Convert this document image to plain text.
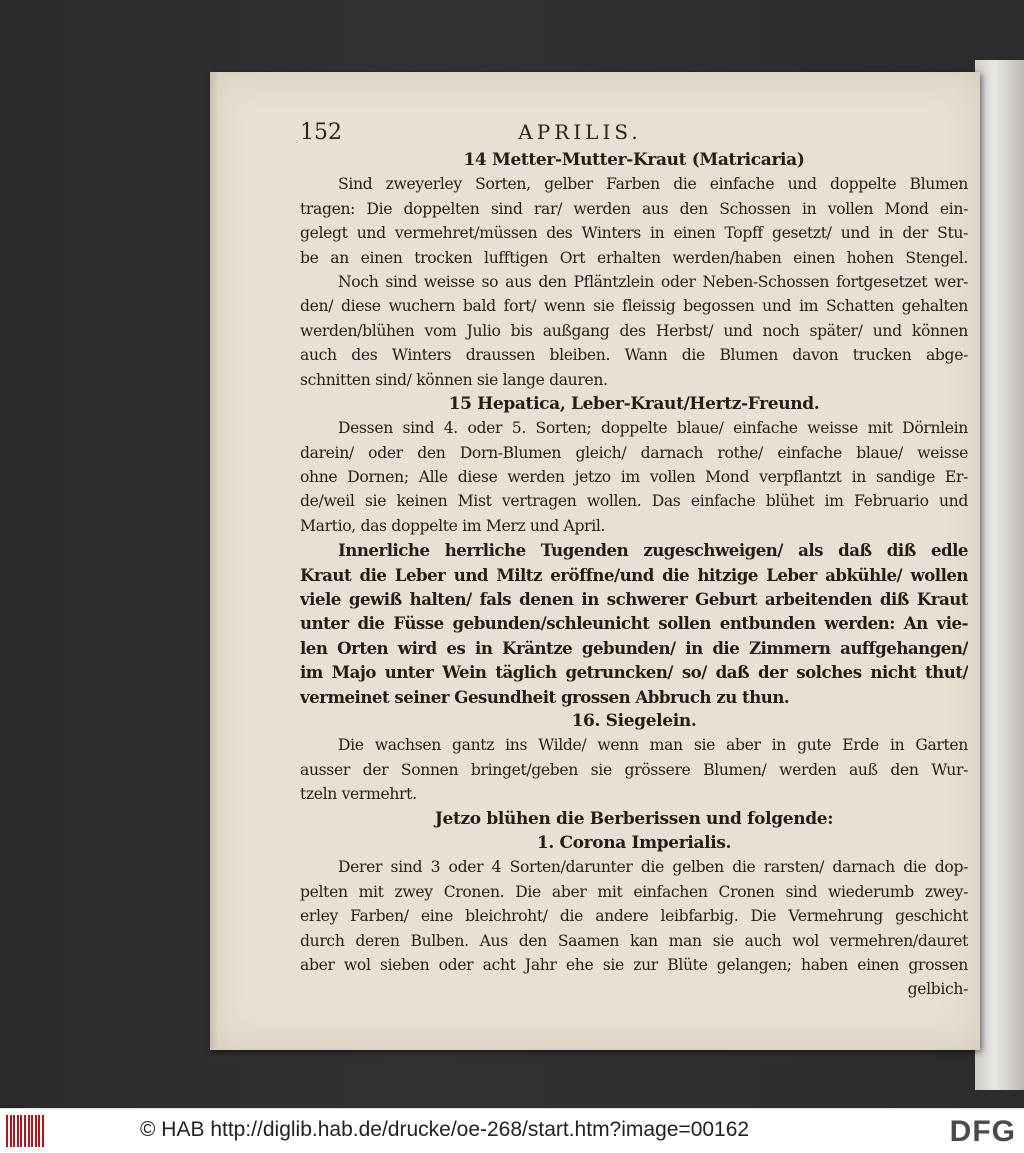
152	APRILIS.
14 Metter-Mutter-Kraut (Matricaria)
Sind zweyerley Sorten, gelber Farben die einfache und doppelte Blumen
tragen: Die doppelten sind rar/ werden aus den Schossen in vollen Mond ein-
gelegt und vermehret/müssen des Winters in einen Topff gesetzt/ und in der Stu-
be an einen trocken lufftigen Ort erhalten werden/haben einen hohen Stengel.
Noch sind weisse so aus den Pfläntzlein oder Neben-Schossen fortgesetzet wer-
den/ diese wuchern bald fort/ wenn sie fleissig begossen und im Schatten gehalten
werden/blühen vom Julio bis außgang des Herbst/ und noch später/ und können
auch des Winters draussen bleiben. Wann die Blumen davon trucken abge-
schnitten sind/ können sie lange dauren.
15 Hepatica, Leber-Kraut/Hertz-Freund.
Dessen sind 4. oder 5. Sorten; doppelte blaue/ einfache weisse mit Dörnlein
darein/ oder den Dorn-Blumen gleich/ darnach rothe/ einfache blaue/ weisse
ohne Dornen; Alle diese werden jetzo im vollen Mond verpflantzt in sandige Er-
de/weil sie keinen Mist vertragen wollen. Das einfache blühet im Februario und
Martio, das doppelte im Merz und April.
Innerliche herrliche Tugenden zugeschweigen/ als daß diß edle
Kraut die Leber und Miltz eröffne/und die hitzige Leber abkühle/ wollen
viele gewiß halten/ fals denen in schwerer Geburt arbeitenden diß Kraut
unter die Füsse gebunden/schleunicht sollen entbunden werden: An vie-
len Orten wird es in Kräntze gebunden/ in die Zimmern auffgehangen/
im Majo unter Wein täglich getruncken/ so/ daß der solches nicht thut/
vermeinet seiner Gesundheit grossen Abbruch zu thun.
16. Siegelein.
Die wachsen gantz ins Wilde/ wenn man sie aber in gute Erde in Garten
ausser der Sonnen bringet/geben sie grössere Blumen/ werden auß den Wur-
tzeln vermehrt.
Jetzo blühen die Berberissen und folgende:
1. Corona Imperialis.
Derer sind 3 oder 4 Sorten/darunter die gelben die rarsten/ darnach die dop-
pelten mit zwey Cronen. Die aber mit einfachen Cronen sind wiederumb zwey-
erley Farben/ eine bleichroht/ die andere leibfarbig. Die Vermehrung geschicht
durch deren Bulben. Aus den Saamen kan man sie auch wol vermehren/dauret
aber wol sieben oder acht Jahr ehe sie zur Blüte gelangen; haben einen grossen
gelbich-
© HAB http://diglib.hab.de/drucke/oe-268/start.htm?image=00162	DFG
